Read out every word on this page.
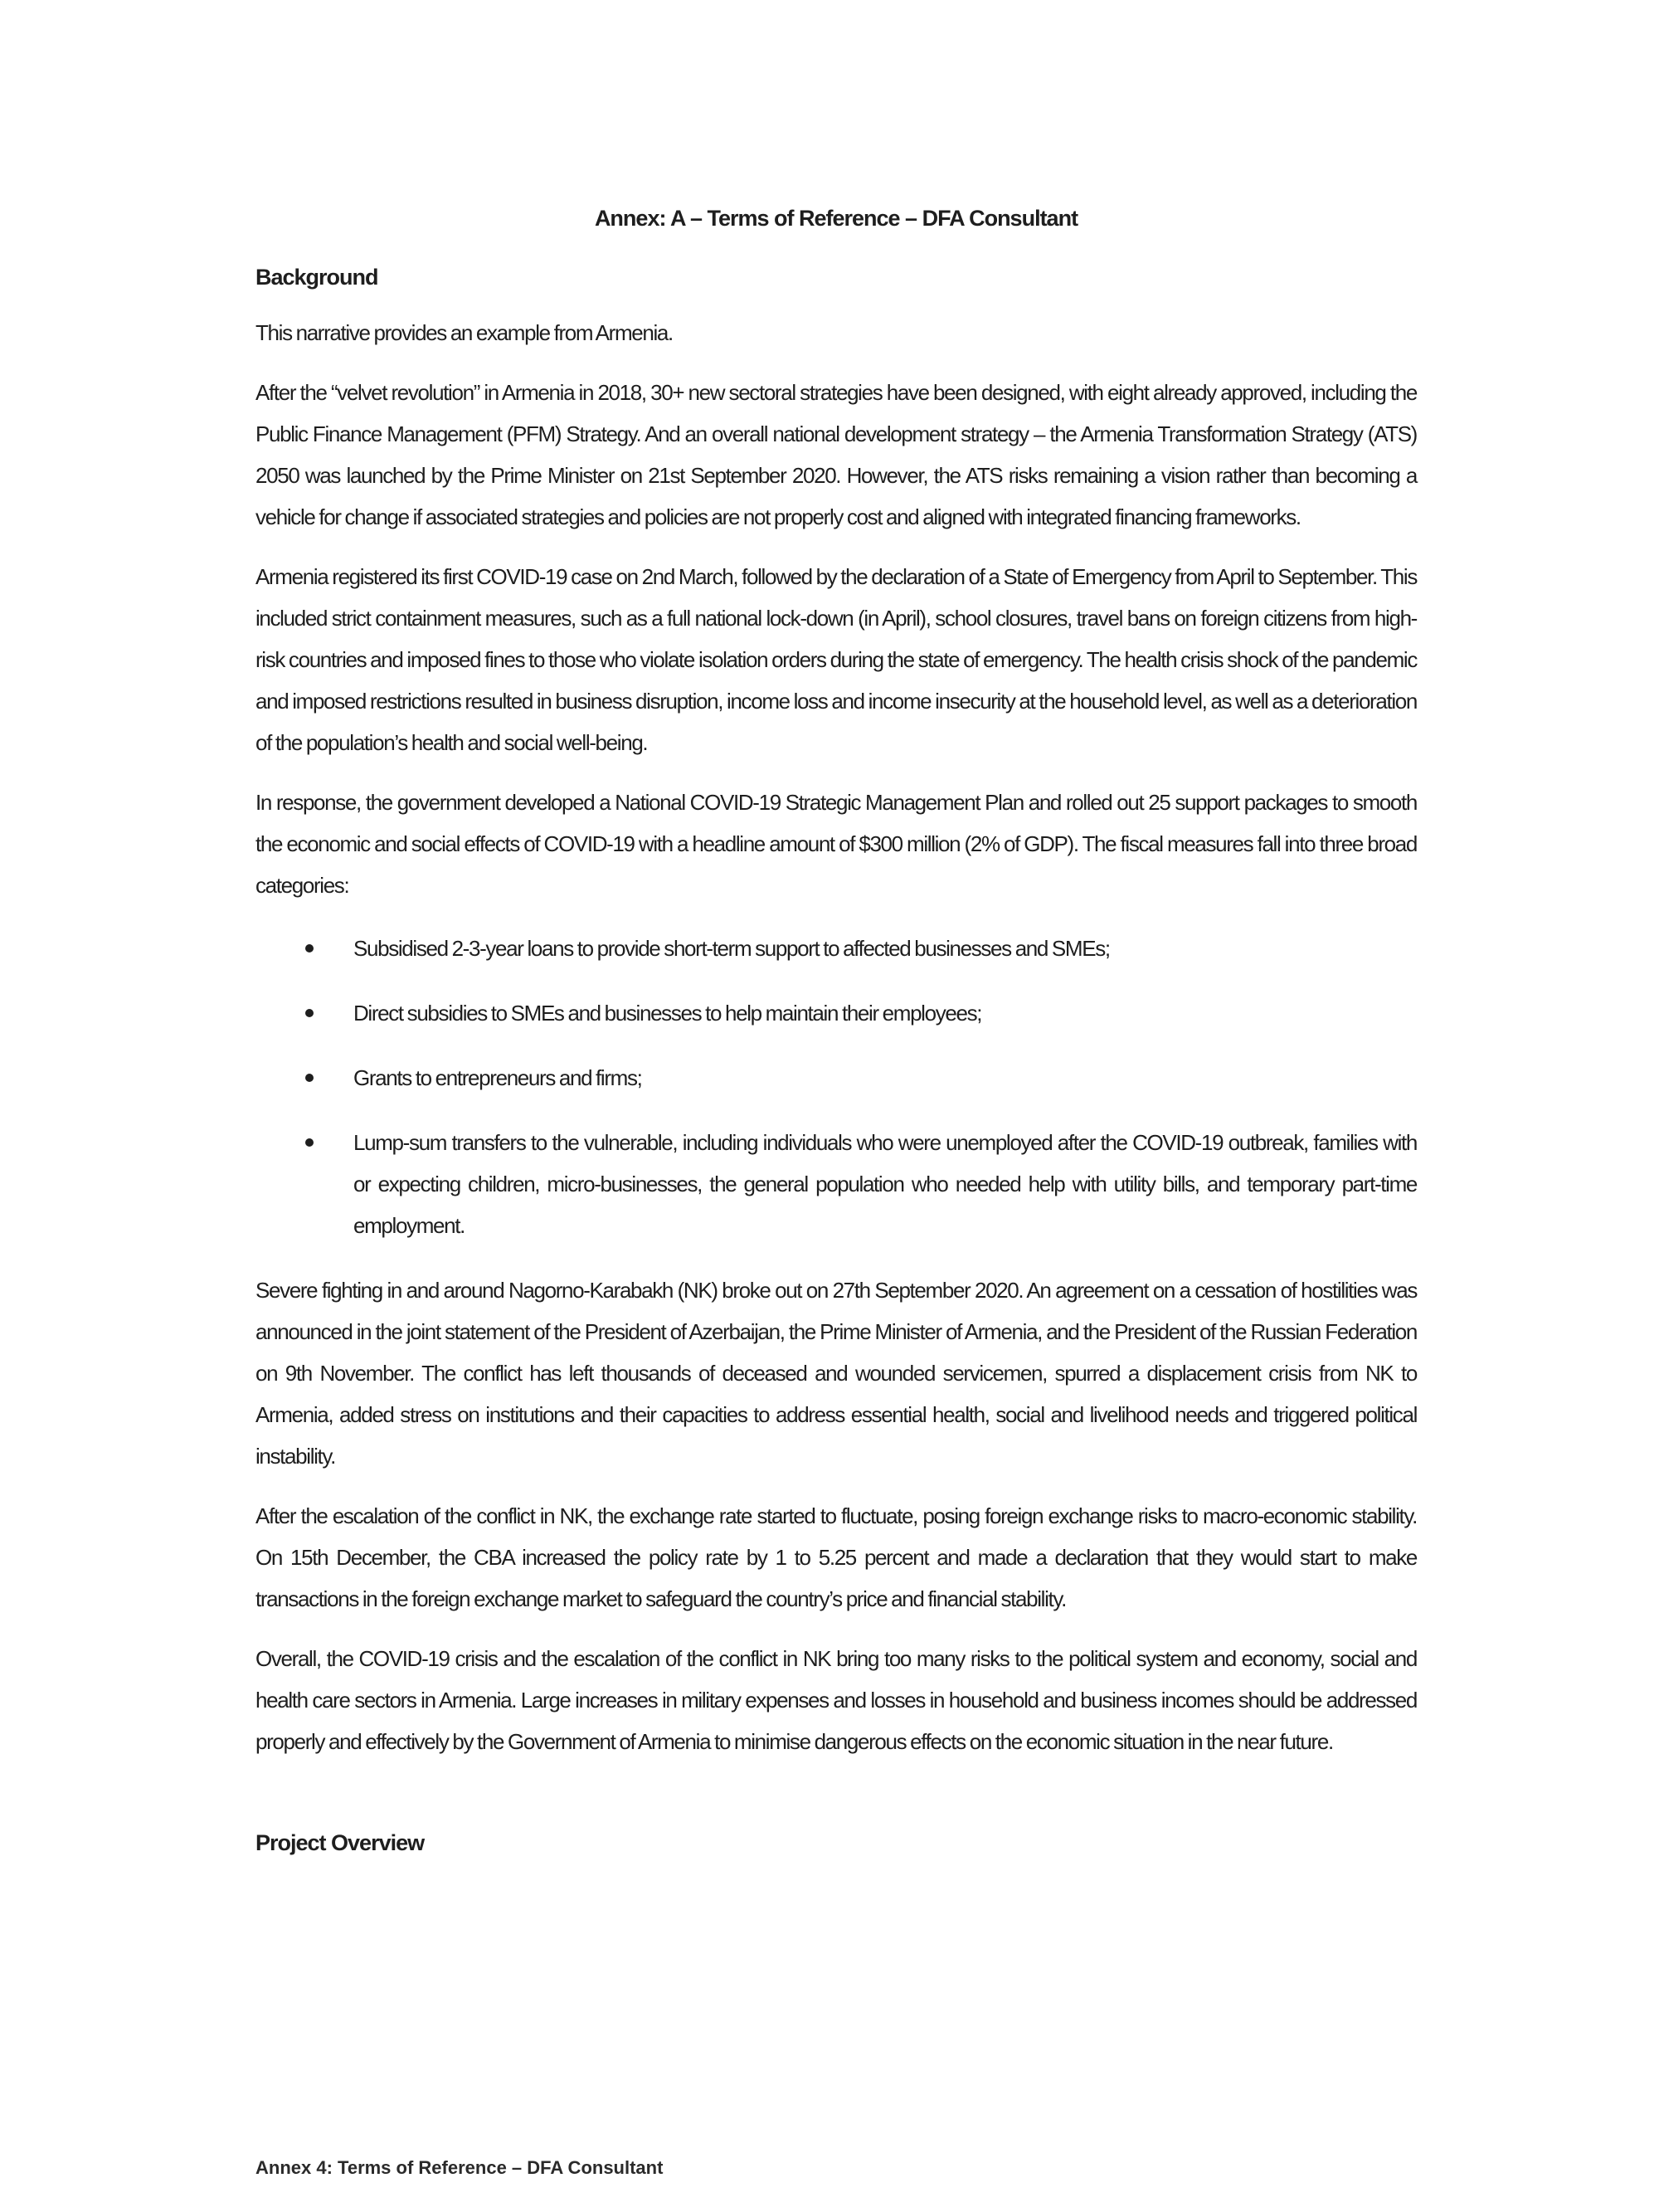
Annex: A – Terms of Reference – DFA Consultant
Background

This narrative provides an example from Armenia.

After the “velvet revolution” in Armenia in 2018, 30+ new sectoral strategies have been designed, with eight already approved, including the Public Finance Management (PFM) Strategy. And an overall national development strategy – the Armenia Transformation Strategy (ATS) 2050 was launched by the Prime Minister on 21st September 2020. However, the ATS risks remaining a vision rather than becoming a vehicle for change if associated strategies and policies are not properly cost and aligned with integrated financing frameworks.

Armenia registered its first COVID-19 case on 2nd March, followed by the declaration of a State of Emergency from April to September. This included strict containment measures, such as a full national lock-down (in April), school closures, travel bans on foreign citizens from high-risk countries and imposed fines to those who violate isolation orders during the state of emergency. The health crisis shock of the pandemic and imposed restrictions resulted in business disruption, income loss and income insecurity at the household level, as well as a deterioration of the population’s health and social well-being.

In response, the government developed a National COVID-19 Strategic Management Plan and rolled out 25 support packages to smooth the economic and social effects of COVID-19 with a headline amount of $300 million (2% of GDP). The fiscal measures fall into three broad categories:

Subsidised 2-3-year loans to provide short-term support to affected businesses and SMEs;
Direct subsidies to SMEs and businesses to help maintain their employees;
Grants to entrepreneurs and firms;
Lump-sum transfers to the vulnerable, including individuals who were unemployed after the COVID-19 outbreak, families with or expecting children, micro-businesses, the general population who needed help with utility bills, and temporary part-time employment.

Severe fighting in and around Nagorno-Karabakh (NK) broke out on 27th September 2020. An agreement on a cessation of hostilities was announced in the joint statement of the President of Azerbaijan, the Prime Minister of Armenia, and the President of the Russian Federation on 9th November. The conflict has left thousands of deceased and wounded servicemen, spurred a displacement crisis from NK to Armenia, added stress on institutions and their capacities to address essential health, social and livelihood needs and triggered political instability.

After the escalation of the conflict in NK, the exchange rate started to fluctuate, posing foreign exchange risks to macro-economic stability. On 15th December, the CBA increased the policy rate by 1 to 5.25 percent and made a declaration that they would start to make transactions in the foreign exchange market to safeguard the country’s price and financial stability.

Overall, the COVID-19 crisis and the escalation of the conflict in NK bring too many risks to the political system and economy, social and health care sectors in Armenia. Large increases in military expenses and losses in household and business incomes should be addressed properly and effectively by the Government of Armenia to minimise dangerous effects on the economic situation in the near future.

Project Overview
Annex 4: Terms of Reference – DFA Consultant
